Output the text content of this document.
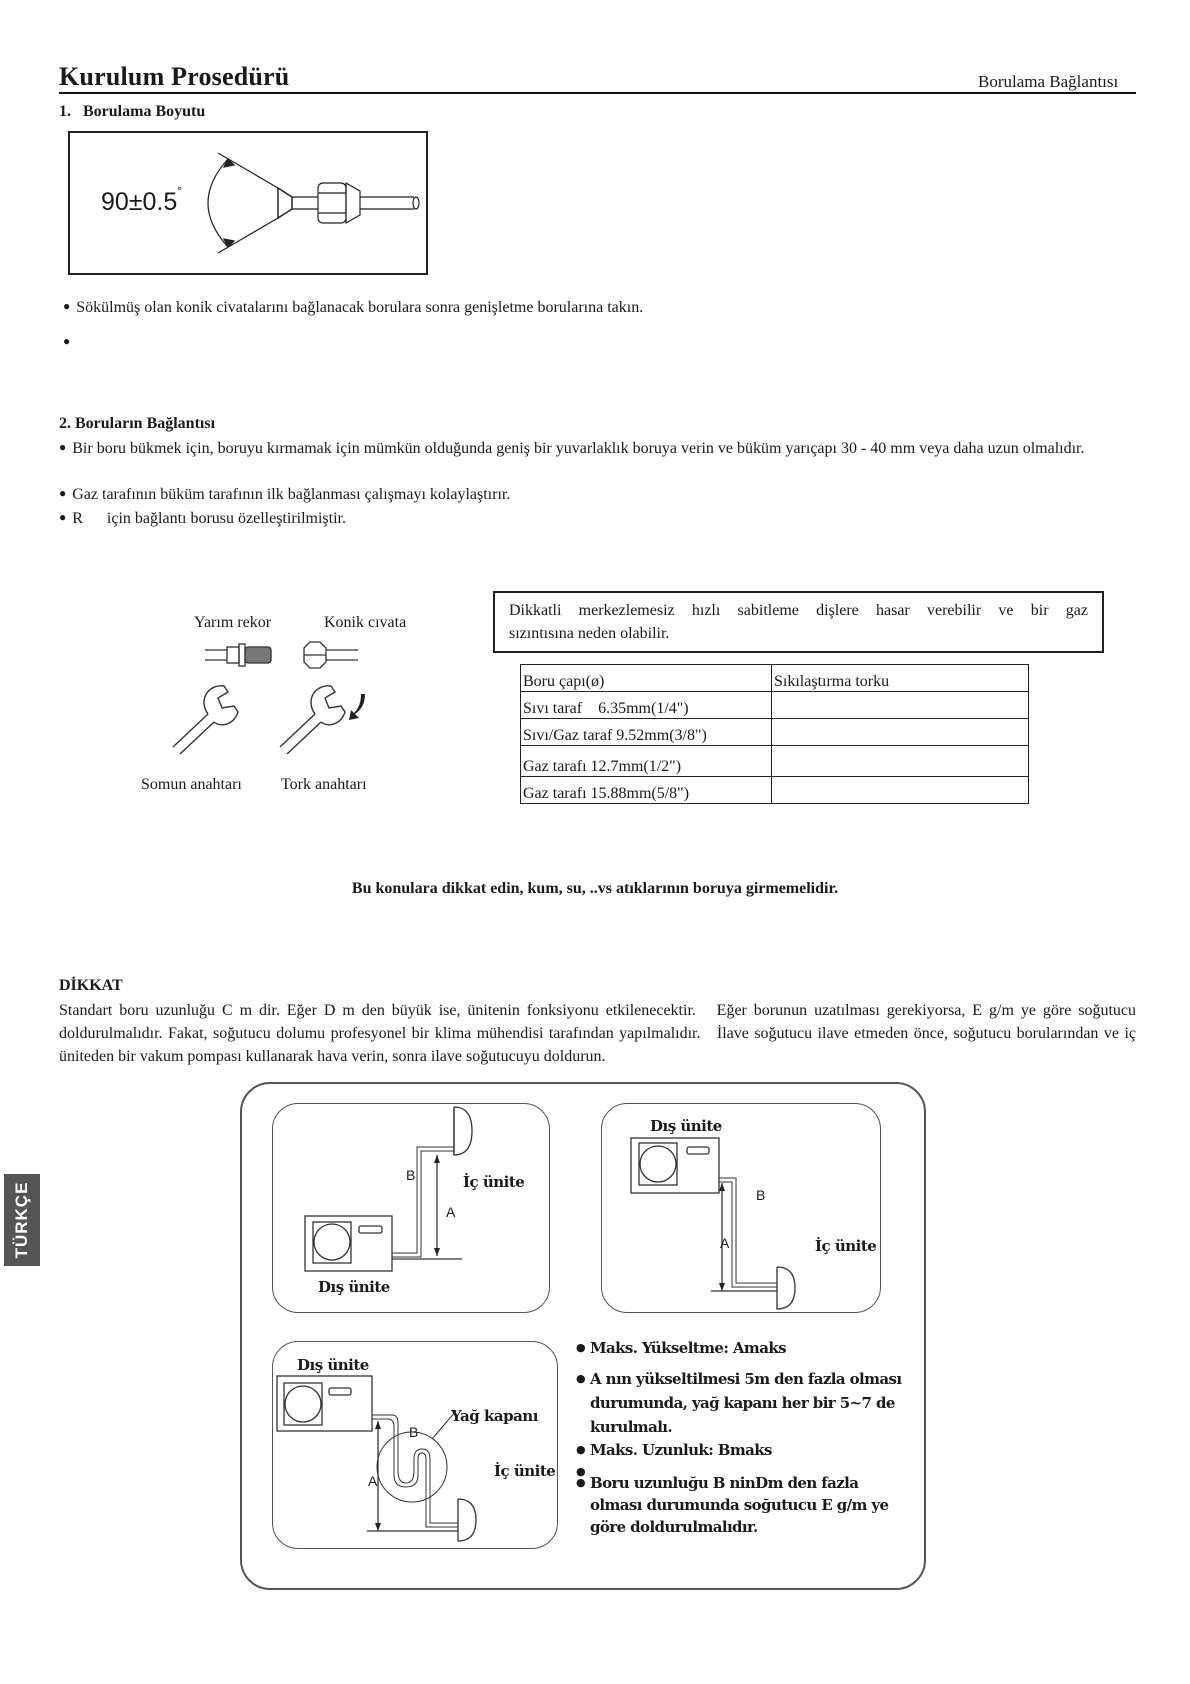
Kurulum Prosedürü	Borulama Bağlantısı
1.   Borulama Boyutu
90±0.5°
● Sökülmüş olan konik civatalarını bağlanacak borulara sonra genişletme borularına takın.
●
2. Boruların Bağlantısı
● Bir boru bükmek için, boruyu kırmamak için mümkün olduğunda geniş bir yuvarlaklık boruya verin ve büküm yarıçapı 30 - 40 mm veya daha uzun olmalıdır.
● Gaz tarafının büküm tarafının ilk bağlanması çalışmayı kolaylaştırır.
● R      için bağlantı borusu özelleştirilmiştir.
Yarım rekor	Konik cıvata
Somun anahtarı Tork anahtarı
Dikkatli merkezlemesiz hızlı sabitleme dişlere hasar verebilir ve bir gaz
sızıntısına neden olabilir.
Boru çapı(ø)	Sıkılaştırma torku
Sıvı taraf    6.35mm(1/4")	
Sıvı/Gaz taraf 9.52mm(3/8")	
Gaz tarafı 12.7mm(1/2")	
Gaz tarafı 15.88mm(5/8")	
Bu konulara dikkat edin, kum, su, ..vs atıklarının boruya girmemelidir.
DİKKAT
Standart boru uzunluğu C m dir. Eğer D m den büyük ise, ünitenin fonksiyonu etkilenecektir.   Eğer borunun uzatılması gerekiyorsa, E g/m ye göre soğutucu doldurulmalıdır. Fakat, soğutucu dolumu profesyonel bir klima mühendisi tarafından yapılmalıdır.   İlave soğutucu ilave etmeden önce, soğutucu borularından ve iç üniteden bir vakum pompası kullanarak hava verin, sonra ilave soğutucuyu doldurun.
B
A
İç ünite
Dış ünite
Dış ünite
B
A	İç ünite
Dış ünite
Yağ kapanı
B
A
İç ünite
● Maks. Yükseltme: Amaks
● A nın yükseltilmesi 5m den fazla olması durumunda, yağ kapanı her bir 5~7 de kurulmalı.
● Maks. Uzunluk: Bmaks
●
● Boru uzunluğu B ninDm den fazla olması durumunda soğutucu E g/m ye göre doldurulmalıdır.
TÜRKÇE
